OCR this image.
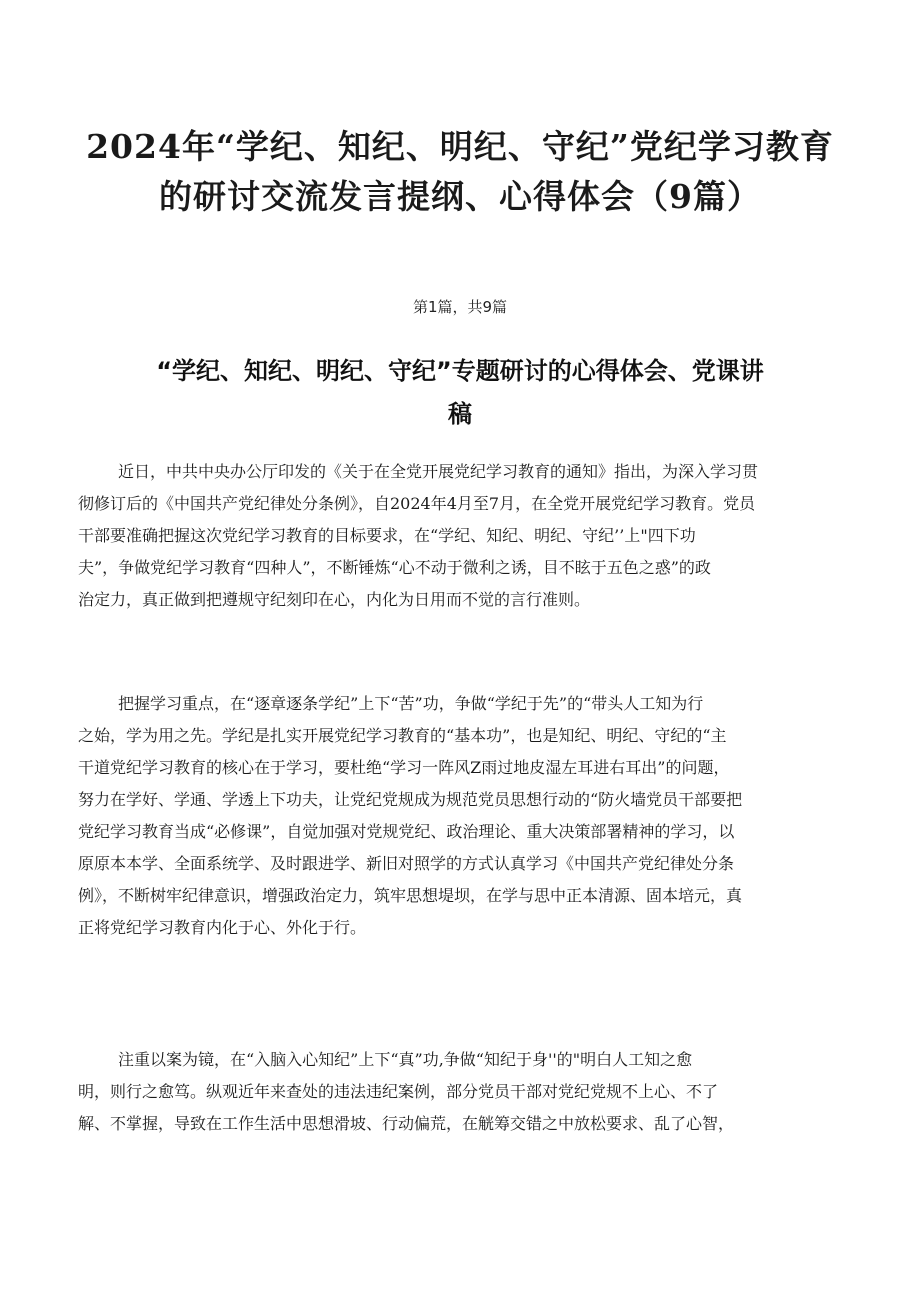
2024年“学纪、知纪、明纪、守纪”党纪学习教育
的研讨交流发言提纲、心得体会（9篇）
第1篇，共9篇
“学纪、知纪、明纪、守纪”专题研讨的心得体会、党课讲
稿
近日，中共中央办公厅印发的《关于在全党开展党纪学习教育的通知》指出，为深入学习贯
彻修订后的《中国共产党纪律处分条例》，自2024年4月至7月，在全党开展党纪学习教育。党员
干部要准确把握这次党纪学习教育的目标要求，在“学纪、知纪、明纪、守纪’’上"四下功
夫”，争做党纪学习教育“四种人”，不断锤炼“心不动于微利之诱，目不眩于五色之惑”的政
治定力，真正做到把遵规守纪刻印在心，内化为日用而不觉的言行准则。
把握学习重点，在“逐章逐条学纪”上下“苦”功，争做“学纪于先”的“带头人工知为行
之始，学为用之先。学纪是扎实开展党纪学习教育的“基本功”，也是知纪、明纪、守纪的“主
干道党纪学习教育的核心在于学习，要杜绝“学习一阵风Z雨过地皮湿左耳进右耳出”的问题，
努力在学好、学通、学透上下功夫，让党纪党规成为规范党员思想行动的“防火墙党员干部要把
党纪学习教育当成“必修课”，自觉加强对党规党纪、政治理论、重大决策部署精神的学习，以
原原本本学、全面系统学、及时跟进学、新旧对照学的方式认真学习《中国共产党纪律处分条
例》，不断树牢纪律意识，增强政治定力，筑牢思想堤坝，在学与思中正本清源、固本培元，真
正将党纪学习教育内化于心、外化于行。
注重以案为镜，在“入脑入心知纪”上下“真”功,争做“知纪于身''的"明白人工知之愈
明，则行之愈笃。纵观近年来查处的违法违纪案例，部分党员干部对党纪党规不上心、不了
解、不掌握，导致在工作生活中思想滑坡、行动偏荒，在觥筹交错之中放松要求、乱了心智，
